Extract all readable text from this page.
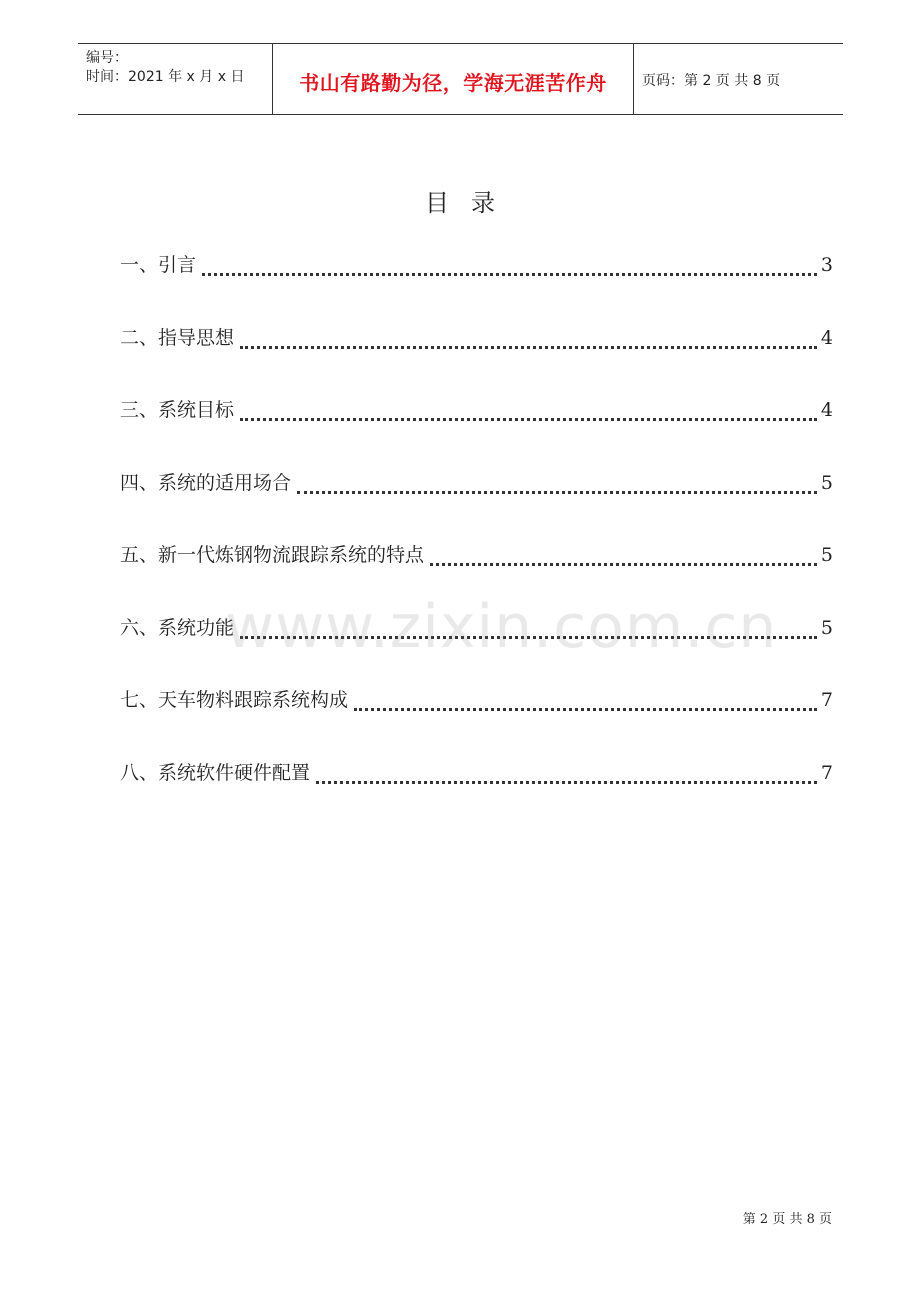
编号：
时间：2021 年 x 月 x 日	书山有路勤为径，学海无涯苦作舟	页码：第 2 页 共 8 页
目录
一、引言	3
二、指导思想	4
三、系统目标	4
四、系统的适用场合	5
五、新一代炼钢物流跟踪系统的特点	5
六、系统功能	5
七、天车物料跟踪系统构成	7
八、系统软件硬件配置	7
www.zixin.com.cn
第 2 页 共 8 页
